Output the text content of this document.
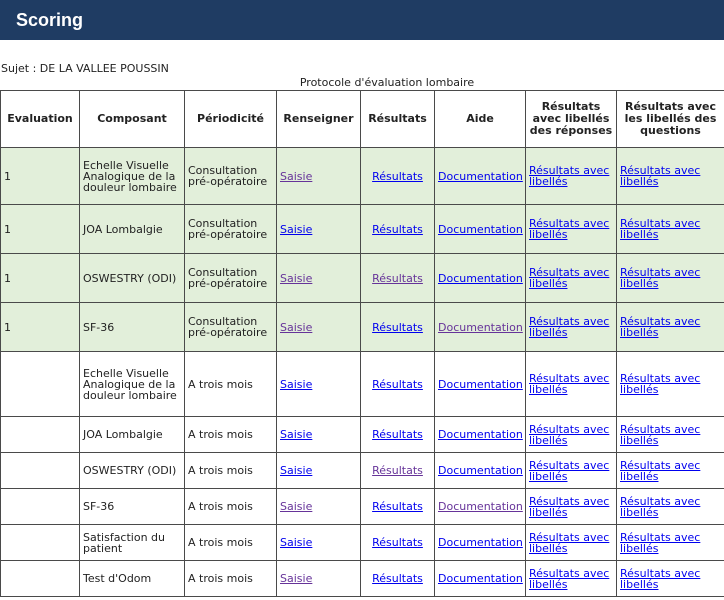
Scoring
Sujet : DE LA VALLEE POUSSIN
Protocole d'évaluation lombaire
Evaluation	Composant	Périodicité	Renseigner	Résultats	Aide	Résultats avec libellés des réponses	Résultats avec les libellés des questions
1	Echelle Visuelle Analogique de la douleur lombaire	Consultation pré-opératoire	Saisie	Résultats	Documentation	Résultats avec libellés	Résultats avec libellés
1	JOA Lombalgie	Consultation pré-opératoire	Saisie	Résultats	Documentation	Résultats avec libellés	Résultats avec libellés
1	OSWESTRY (ODI)	Consultation pré-opératoire	Saisie	Résultats	Documentation	Résultats avec libellés	Résultats avec libellés
1	SF-36	Consultation pré-opératoire	Saisie	Résultats	Documentation	Résultats avec libellés	Résultats avec libellés
	Echelle Visuelle Analogique de la douleur lombaire	A trois mois	Saisie	Résultats	Documentation	Résultats avec libellés	Résultats avec libellés
	JOA Lombalgie	A trois mois	Saisie	Résultats	Documentation	Résultats avec libellés	Résultats avec libellés
	OSWESTRY (ODI)	A trois mois	Saisie	Résultats	Documentation	Résultats avec libellés	Résultats avec libellés
	SF-36	A trois mois	Saisie	Résultats	Documentation	Résultats avec libellés	Résultats avec libellés
	Satisfaction du patient	A trois mois	Saisie	Résultats	Documentation	Résultats avec libellés	Résultats avec libellés
	Test d'Odom	A trois mois	Saisie	Résultats	Documentation	Résultats avec libellés	Résultats avec libellés
